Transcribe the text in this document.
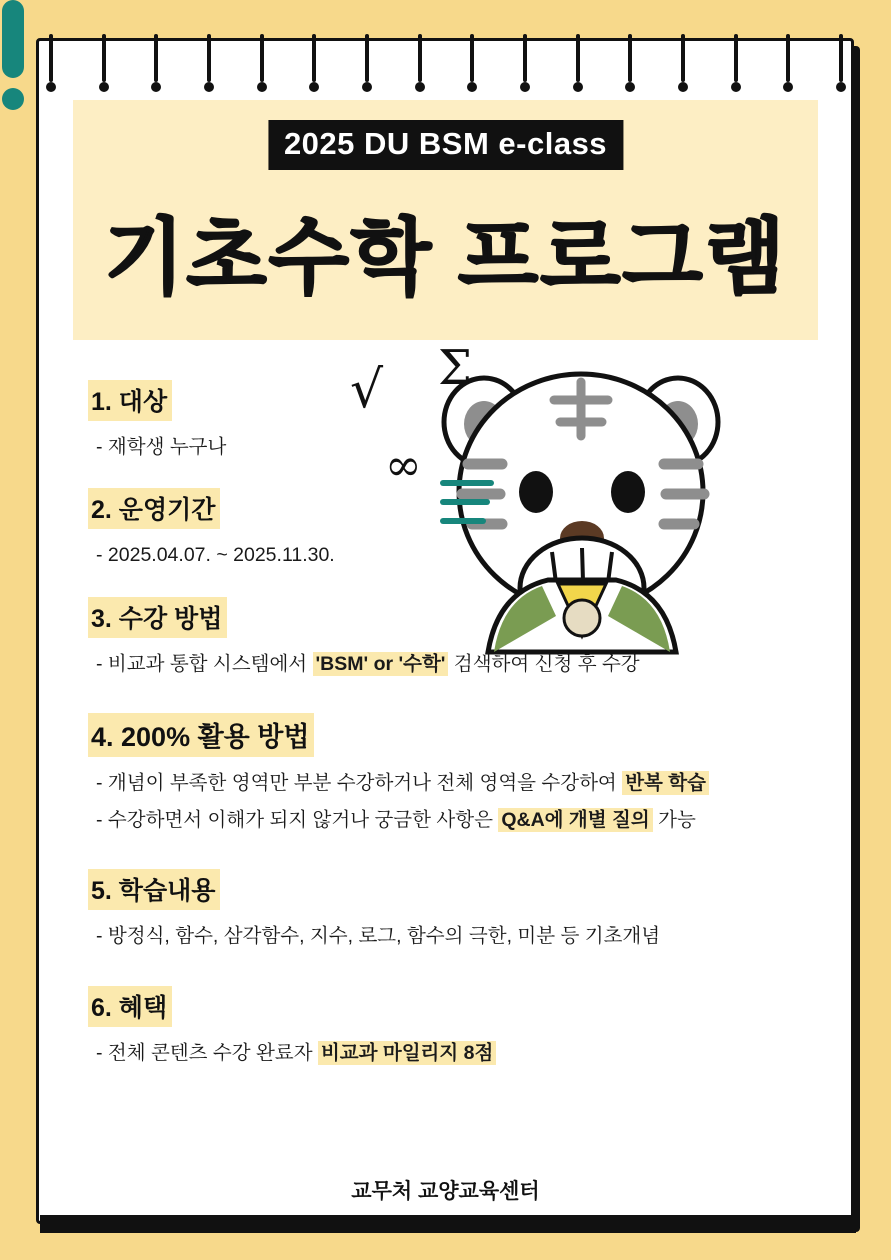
2025 DU BSM e-class
기초수학 프로그램
√ Σ
∞
1. 대상

- 재학생 누구나

2. 운영기간

- 2025.04.07. ~ 2025.11.30.

3. 수강 방법

- 비교과 통합 시스템에서 'BSM' or '수학' 검색하여 신청 후 수강

4. 200% 활용 방법

- 개념이 부족한 영역만 부분 수강하거나 전체 영역을 수강하여 반복 학습

- 수강하면서 이해가 되지 않거나 궁금한 사항은 Q&A에 개별 질의 가능

5. 학습내용

- 방정식, 함수, 삼각함수, 지수, 로그, 함수의 극한, 미분 등 기초개념

6. 혜택

- 전체 콘텐츠 수강 완료자 비교과 마일리지 8점

교무처 교양교육센터
